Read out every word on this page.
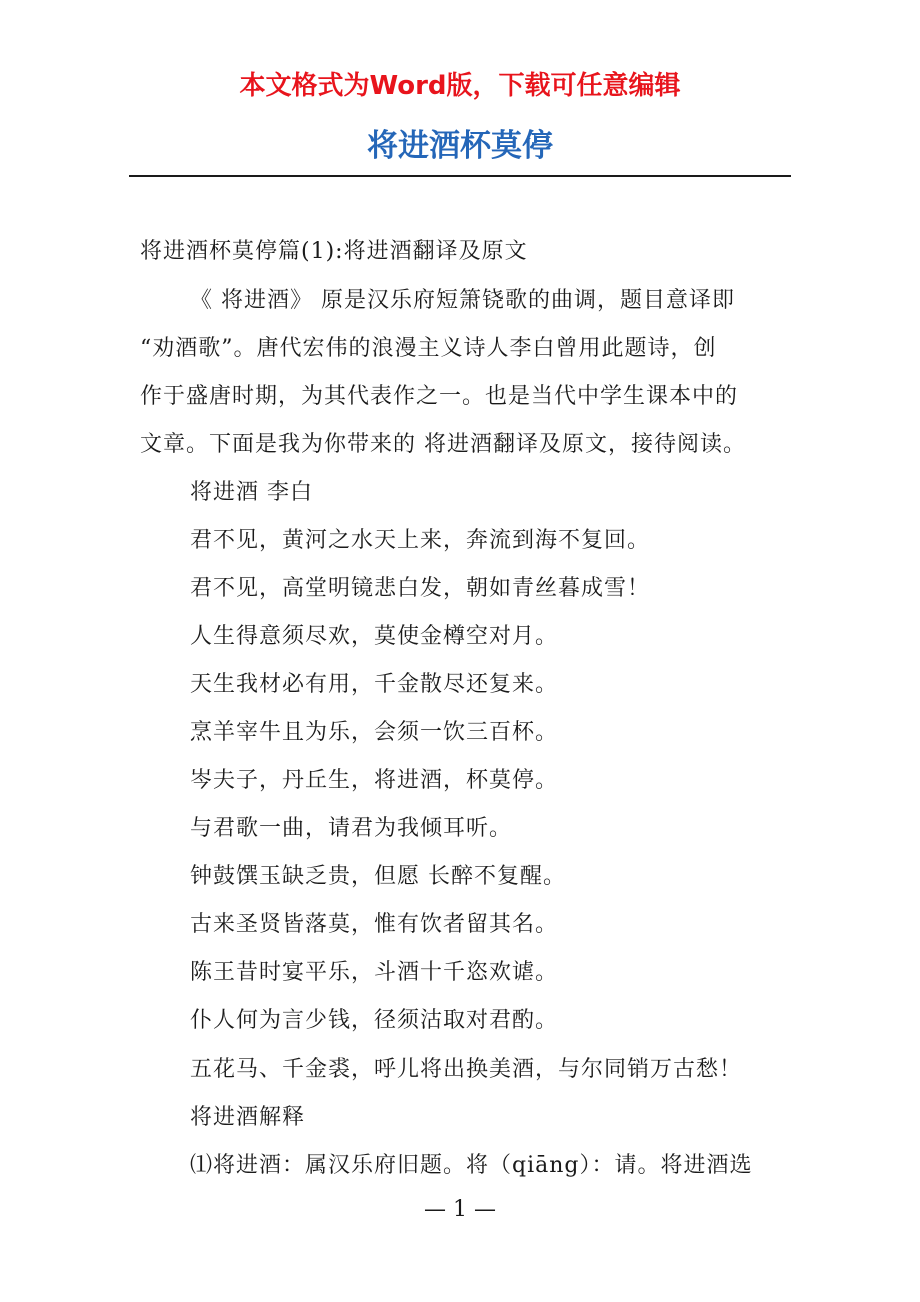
本文格式为Word版，下载可任意编辑
将进酒杯莫停
将进酒杯莫停篇(1):将进酒翻译及原文
《 将进酒》 原是汉乐府短箫铙歌的曲调，题目意译即
“劝酒歌”。唐代宏伟的浪漫主义诗人李白曾用此题诗，创
作于盛唐时期，为其代表作之一。也是当代中学生课本中的
文章。下面是我为你带来的 将进酒翻译及原文，接待阅读。
将进酒 李白
君不见，黄河之水天上来，奔流到海不复回。
君不见，高堂明镜悲白发，朝如青丝暮成雪！
人生得意须尽欢，莫使金樽空对月。
天生我材必有用，千金散尽还复来。
烹羊宰牛且为乐，会须一饮三百杯。
岑夫子，丹丘生，将进酒，杯莫停。
与君歌一曲，请君为我倾耳听。
钟鼓馔玉缺乏贵，但愿 长醉不复醒。
古来圣贤皆落莫，惟有饮者留其名。
陈王昔时宴平乐，斗酒十千恣欢谑。
仆人何为言少钱，径须沽取对君酌。
五花马、千金裘，呼儿将出换美酒，与尔同销万古愁！
将进酒解释
⑴将进酒：属汉乐府旧题。将（qiāng）：请。将进酒选
— 1 —
